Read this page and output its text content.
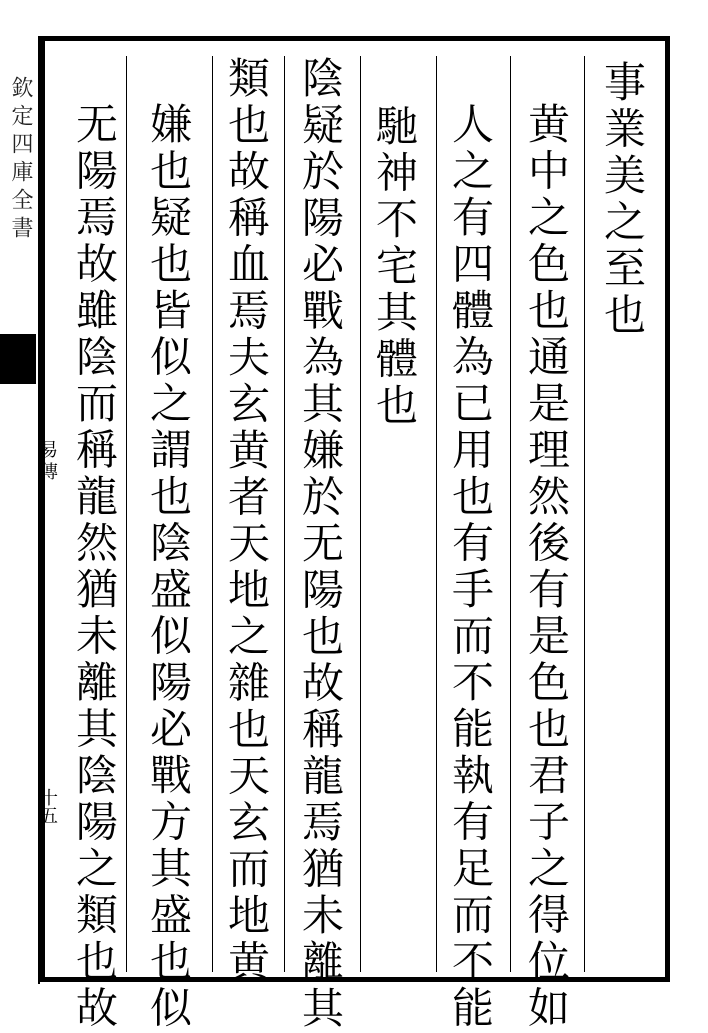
欽定四庫全書
易傳
十五
事業美之至也
黄中之色也通是理然後有是色也君子之得位如
人之有四體為已用也有手而不能執有足而不能
馳神不宅其體也
陰疑於陽必戰為其嫌於无陽也故稱龍焉猶未離其
類也故稱血焉夫玄黄者天地之雜也天玄而地黄
嫌也疑也皆似之謂也陰盛似陽必戰方其盛也似
无陽焉故雖陰而稱龍然猶未離其陰陽之類也故
